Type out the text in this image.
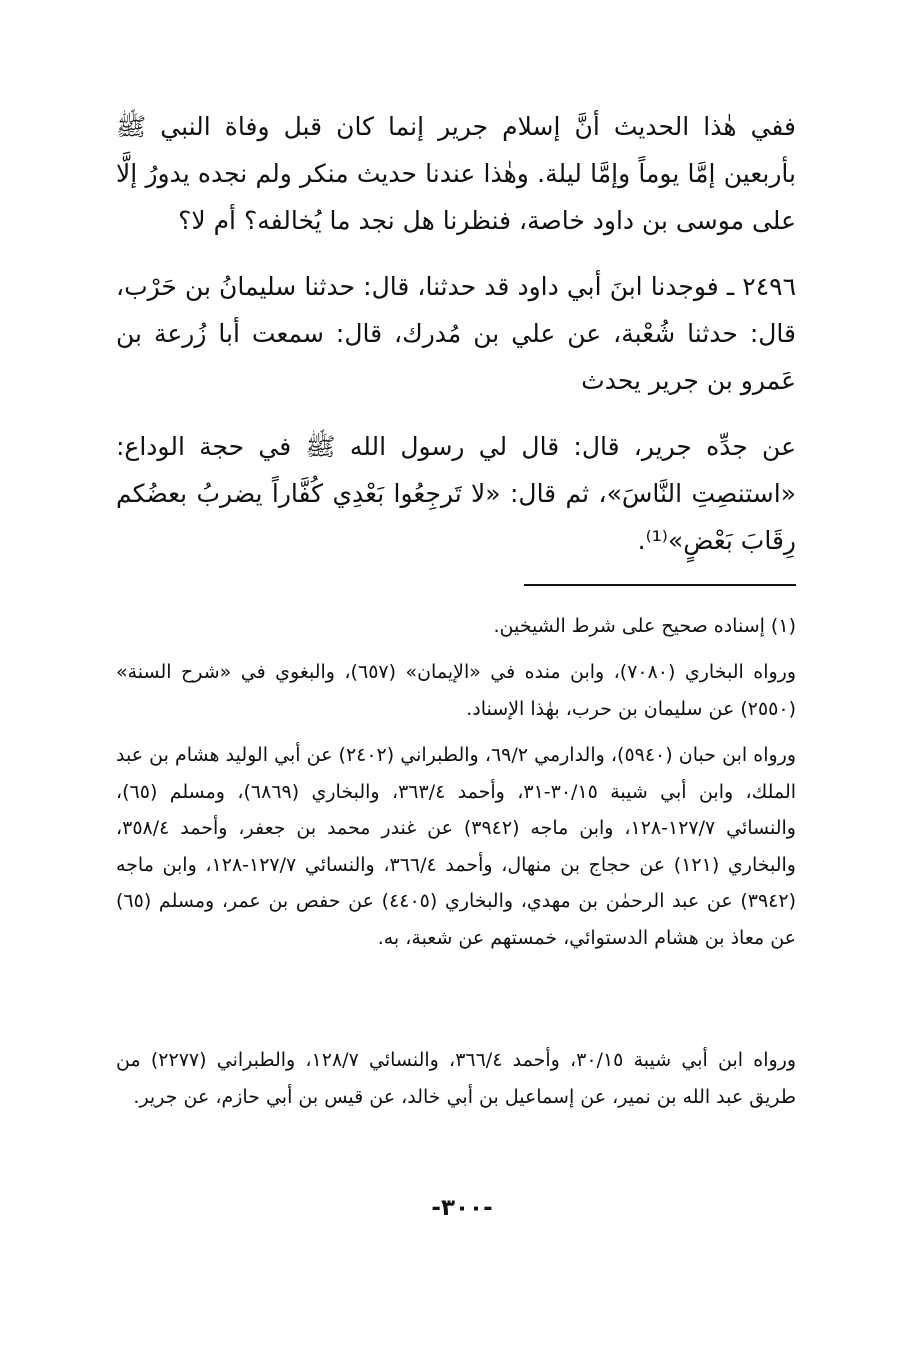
ففي هٰذا الحديث أنَّ إسلام جرير إنما كان قبل وفاة النبي ﷺ بأربعين إمَّا يوماً وإمَّا ليلة. وهٰذا عندنا حديث منكر ولم نجده يدورُ إلَّا على موسى بن داود خاصة، فنظرنا هل نجد ما يُخالفه؟ أم لا؟

٢٤٩٦ ـ فوجدنا ابنَ أبي داود قد حدثنا، قال: حدثنا سليمانُ بن حَرْب، قال: حدثنا شُعْبة، عن علي بن مُدرك، قال: سمعت أبا زُرعة بن عَمرو بن جرير يحدث

عن جدِّه جرير، قال: قال لي رسول الله ﷺ في حجة الوداع: «استنصِتِ النَّاسَ»، ثم قال: «لا تَرجِعُوا بَعْدِي كُفَّاراً يضربُ بعضُكم رِقَابَ بَعْضٍ»⁽¹⁾.

(١) إسناده صحيح على شرط الشيخين.

ورواه البخاري (٧٠٨٠)، وابن منده في «الإيمان» (٦٥٧)، والبغوي في «شرح السنة» (٢٥٥٠) عن سليمان بن حرب، بهٰذا الإسناد.

ورواه ابن حبان (٥٩٤٠)، والدارمي ٦٩/٢، والطبراني (٢٤٠٢) عن أبي الوليد هشام بن عبد الملك، وابن أبي شيبة ٣٠/١٥-٣١، وأحمد ٣٦٣/٤، والبخاري (٦٨٦٩)، ومسلم (٦٥)، والنسائي ١٢٧/٧-١٢٨، وابن ماجه (٣٩٤٢) عن غندر محمد بن جعفر، وأحمد ٣٥٨/٤، والبخاري (١٢١) عن حجاج بن منهال، وأحمد ٣٦٦/٤، والنسائي ١٢٧/٧-١٢٨، وابن ماجه (٣٩٤٢) عن عبد الرحمٰن بن مهدي، والبخاري (٤٤٠٥) عن حفص بن عمر، ومسلم (٦٥) عن معاذ بن هشام الدستوائي، خمستهم عن شعبة، به.

ورواه ابن أبي شيبة ٣٠/١٥، وأحمد ٣٦٦/٤، والنسائي ١٢٨/٧، والطبراني (٢٢٧٧) من طريق عبد الله بن نمير، عن إسماعيل بن أبي خالد، عن قيس بن أبي حازم، عن جرير.

-٣٠٠-
